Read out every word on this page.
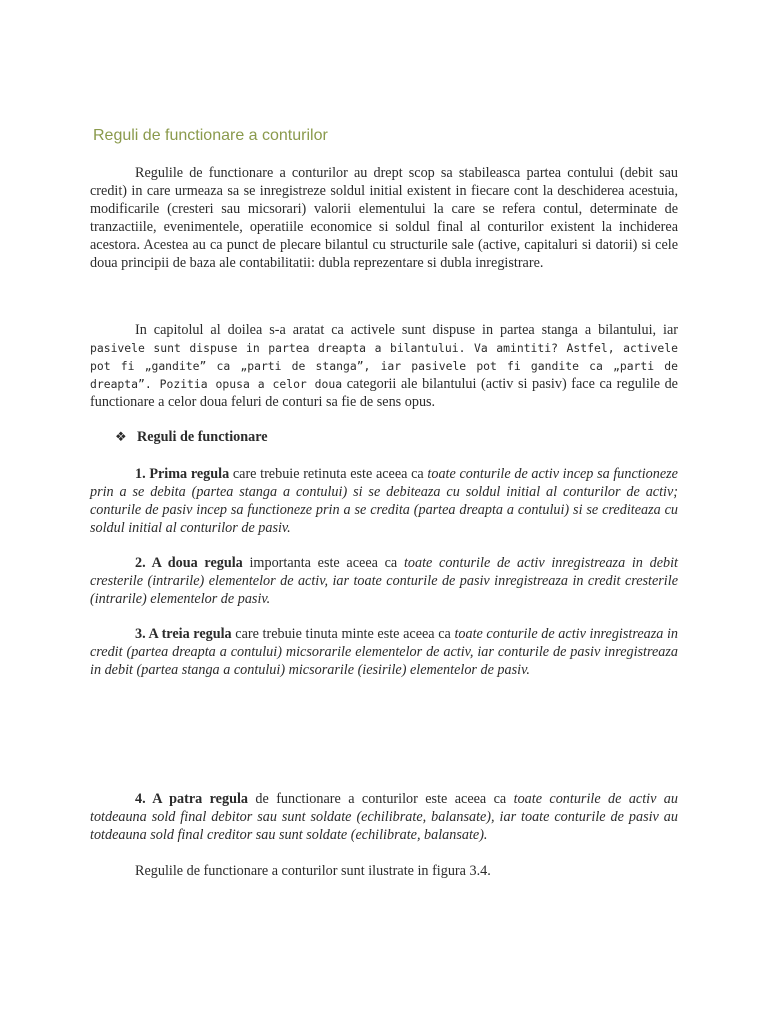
Reguli de functionare a conturilor

Regulile de functionare a conturilor au drept scop sa stabileasca partea contului (debit sau credit) in care urmeaza sa se inregistreze soldul initial existent in fiecare cont la deschiderea acestuia, modificarile (cresteri sau micsorari) valorii elementului la care se refera contul, determinate de tranzactiile, evenimentele, operatiile economice si soldul final al conturilor existent la inchiderea acestora. Acestea au ca punct de plecare bilantul cu structurile sale (active, capitaluri si datorii) si cele doua principii de baza ale contabilitatii: dubla reprezentare si dubla inregistrare.

In capitolul al doilea s-a aratat ca activele sunt dispuse in partea stanga a bilantului, iar pasivele sunt dispuse in partea dreapta a bilantului. Va amintiti? Astfel, activele pot fi „gandite” ca „parti de stanga”, iar pasivele pot fi gandite ca „parti de dreapta”. Pozitia opusa a celor doua categorii ale bilantului (activ si pasiv) face ca regulile de functionare a celor doua feluri de conturi sa fie de sens opus.

❖ Reguli de functionare

1. Prima regula care trebuie retinuta este aceea ca toate conturile de activ incep sa functioneze prin a se debita (partea stanga a contului) si se debiteaza cu soldul initial al conturilor de activ; conturile de pasiv incep sa functioneze prin a se credita (partea dreapta a contului) si se crediteaza cu soldul initial al conturilor de pasiv.

2. A doua regula importanta este aceea ca toate conturile de activ inregistreaza in debit cresterile (intrarile) elementelor de activ, iar toate conturile de pasiv inregistreaza in credit cresterile (intrarile) elementelor de pasiv.

3. A treia regula care trebuie tinuta minte este aceea ca toate conturile de activ inregistreaza in credit (partea dreapta a contului) micsorarile elementelor de activ, iar conturile de pasiv inregistreaza in debit (partea stanga a contului) micsorarile (iesirile) elementelor de pasiv.

4. A patra regula de functionare a conturilor este aceea ca toate conturile de activ au totdeauna sold final debitor sau sunt soldate (echilibrate, balansate), iar toate conturile de pasiv au totdeauna sold final creditor sau sunt soldate (echilibrate, balansate).

Regulile de functionare a conturilor sunt ilustrate in figura 3.4.
